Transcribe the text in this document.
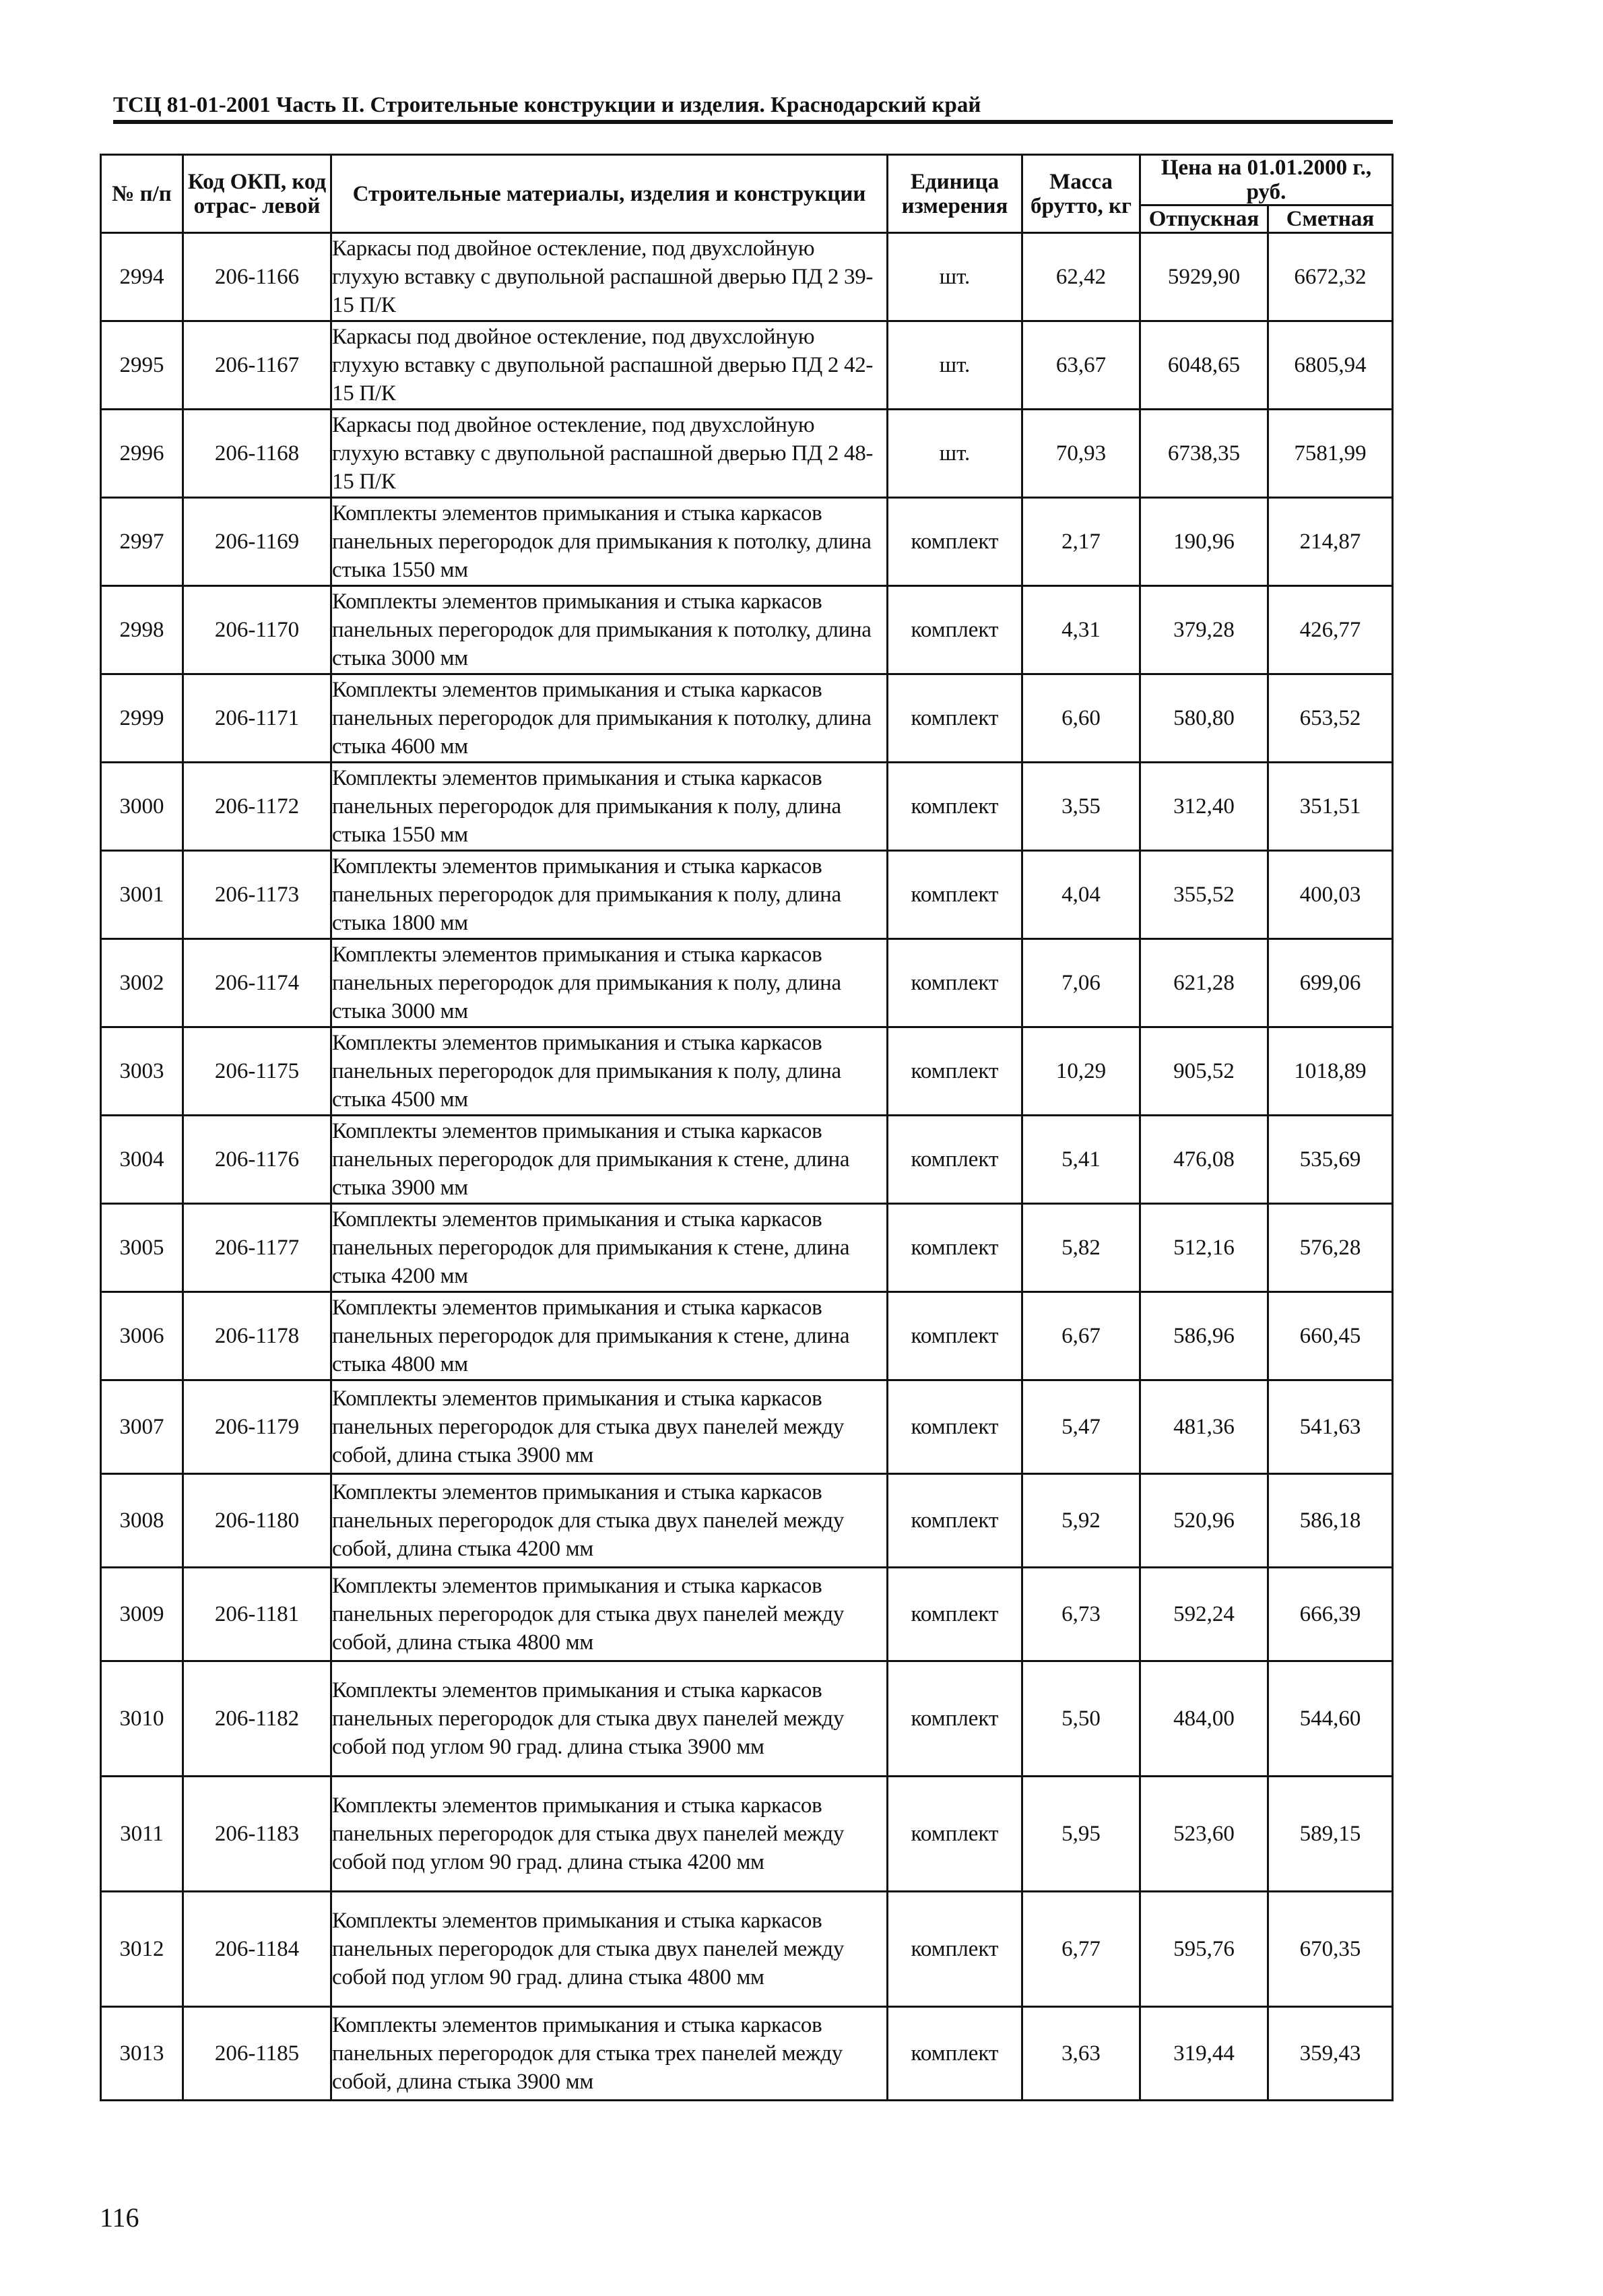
ТСЦ 81-01-2001 Часть II. Строительные конструкции и изделия. Краснодарский край
№ п/п	Код ОКП, код отрас- левой	Строительные материалы, изделия и конструкции	Единица измерения	Масса брутто, кг	Цена на 01.01.2000 г., руб.	
					Отпускная	Сметная
2994	206-1166	Каркасы под двойное остекление, под двухслойную глухую вставку с двупольной распашной дверью ПД 2 39-15 П/К	шт.	62,42	5929,90	6672,32
2995	206-1167	Каркасы под двойное остекление, под двухслойную глухую вставку с двупольной распашной дверью ПД 2 42-15 П/К	шт.	63,67	6048,65	6805,94
2996	206-1168	Каркасы под двойное остекление, под двухслойную глухую вставку с двупольной распашной дверью ПД 2 48-15 П/К	шт.	70,93	6738,35	7581,99
2997	206-1169	Комплекты элементов примыкания и стыка каркасов панельных перегородок для примыкания к потолку, длина стыка 1550 мм	комплект	2,17	190,96	214,87
2998	206-1170	Комплекты элементов примыкания и стыка каркасов панельных перегородок для примыкания к потолку, длина стыка 3000 мм	комплект	4,31	379,28	426,77
2999	206-1171	Комплекты элементов примыкания и стыка каркасов панельных перегородок для примыкания к потолку, длина стыка 4600 мм	комплект	6,60	580,80	653,52
3000	206-1172	Комплекты элементов примыкания и стыка каркасов панельных перегородок для примыкания к полу, длина стыка 1550 мм	комплект	3,55	312,40	351,51
3001	206-1173	Комплекты элементов примыкания и стыка каркасов панельных перегородок для примыкания к полу, длина стыка 1800 мм	комплект	4,04	355,52	400,03
3002	206-1174	Комплекты элементов примыкания и стыка каркасов панельных перегородок для примыкания к полу, длина стыка 3000 мм	комплект	7,06	621,28	699,06
3003	206-1175	Комплекты элементов примыкания и стыка каркасов панельных перегородок для примыкания к полу, длина стыка 4500 мм	комплект	10,29	905,52	1018,89
3004	206-1176	Комплекты элементов примыкания и стыка каркасов панельных перегородок для примыкания к стене, длина стыка 3900 мм	комплект	5,41	476,08	535,69
3005	206-1177	Комплекты элементов примыкания и стыка каркасов панельных перегородок для примыкания к стене, длина стыка 4200 мм	комплект	5,82	512,16	576,28
3006	206-1178	Комплекты элементов примыкания и стыка каркасов панельных перегородок для примыкания к стене, длина стыка 4800 мм	комплект	6,67	586,96	660,45
3007	206-1179	Комплекты элементов примыкания и стыка каркасов панельных перегородок для стыка двух панелей между собой, длина стыка 3900 мм	комплект	5,47	481,36	541,63
3008	206-1180	Комплекты элементов примыкания и стыка каркасов панельных перегородок для стыка двух панелей между собой, длина стыка 4200 мм	комплект	5,92	520,96	586,18
3009	206-1181	Комплекты элементов примыкания и стыка каркасов панельных перегородок для стыка двух панелей между собой, длина стыка 4800 мм	комплект	6,73	592,24	666,39
3010	206-1182	Комплекты элементов примыкания и стыка каркасов панельных перегородок для стыка двух панелей между собой под углом 90 град. длина стыка 3900 мм	комплект	5,50	484,00	544,60
3011	206-1183	Комплекты элементов примыкания и стыка каркасов панельных перегородок для стыка двух панелей между собой под углом 90 град. длина стыка 4200 мм	комплект	5,95	523,60	589,15
3012	206-1184	Комплекты элементов примыкания и стыка каркасов панельных перегородок для стыка двух панелей между собой под углом 90 град. длина стыка 4800 мм	комплект	6,77	595,76	670,35
3013	206-1185	Комплекты элементов примыкания и стыка каркасов панельных перегородок для стыка трех панелей между собой, длина стыка 3900 мм	комплект	3,63	319,44	359,43
116
